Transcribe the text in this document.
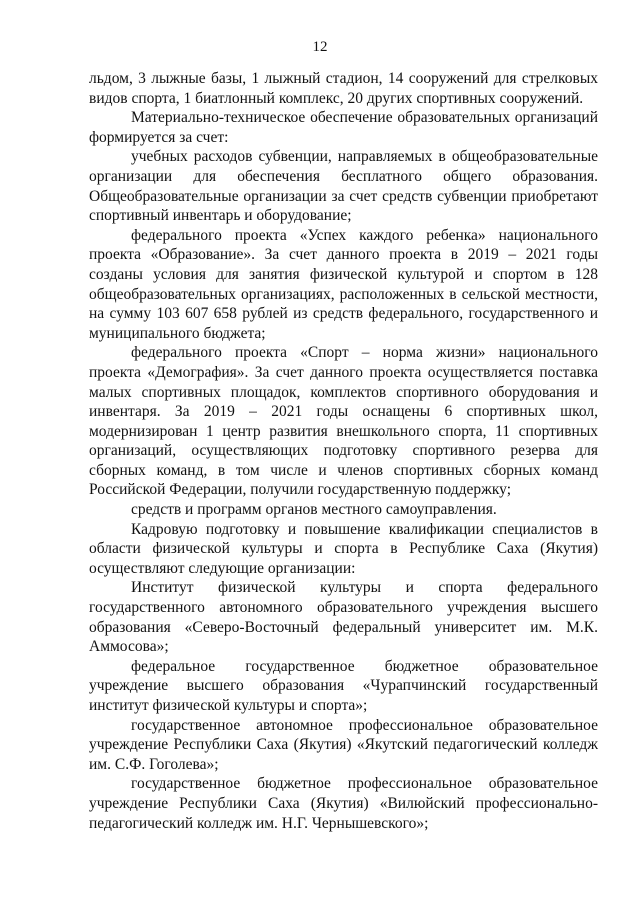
12

льдом, 3 лыжные базы, 1 лыжный стадион, 14 сооружений для стрелковых видов спорта, 1 биатлонный комплекс, 20 других спортивных сооружений.

Материально-техническое обеспечение образовательных организаций формируется за счет:

учебных расходов субвенции, направляемых в общеобразовательные организации для обеспечения бесплатного общего образования. Общеобразовательные организации за счет средств субвенции приобретают спортивный инвентарь и оборудование;

федерального проекта «Успех каждого ребенка» национального проекта «Образование». За счет данного проекта в 2019 – 2021 годы созданы условия для занятия физической культурой и спортом в 128 общеобразовательных организациях, расположенных в сельской местности, на сумму 103 607 658 рублей из средств федерального, государственного и муниципального бюджета;

федерального проекта «Спорт – норма жизни» национального проекта «Демография». За счет данного проекта осуществляется поставка малых спортивных площадок, комплектов спортивного оборудования и инвентаря. За 2019 – 2021 годы оснащены 6 спортивных школ, модернизирован 1 центр развития внешкольного спорта, 11 спортивных организаций, осуществляющих подготовку спортивного резерва для сборных команд, в том числе и членов спортивных сборных команд Российской Федерации, получили государственную поддержку;

средств и программ органов местного самоуправления.

Кадровую подготовку и повышение квалификации специалистов в области физической культуры и спорта в Республике Саха (Якутия) осуществляют следующие организации:

Институт физической культуры и спорта федерального государственного автономного образовательного учреждения высшего образования «Северо-Восточный федеральный университет им. М.К. Аммосова»;

федеральное государственное бюджетное образовательное учреждение высшего образования «Чурапчинский государственный институт физической культуры и спорта»;

государственное автономное профессиональное образовательное учреждение Республики Саха (Якутия) «Якутский педагогический колледж им. С.Ф. Гоголева»;

государственное бюджетное профессиональное образовательное учреждение Республики Саха (Якутия) «Вилюйский профессионально-педагогический колледж им. Н.Г. Чернышевского»;
